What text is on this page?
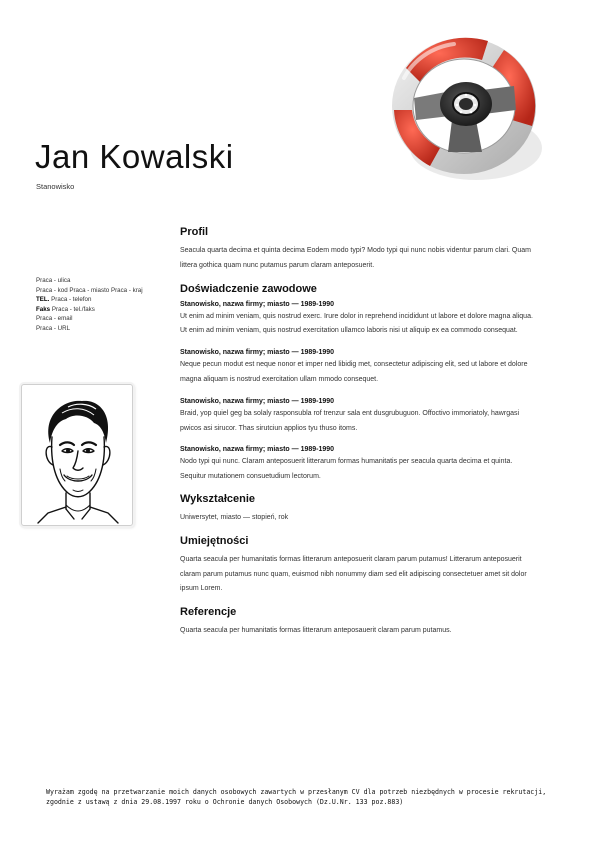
Jan Kowalski
Stanowisko
Praca - ulica
Praca - kod Praca - miasto Praca - kraj
TEL. Praca - telefon
Faks Praca - tel./faks
Praca - email
Praca - URL
Profil

Seacula quarta decima et quinta decima Eodem modo typi? Modo typi qui nunc nobis videntur parum clari. Quam littera gothica quam nunc putamus parum claram anteposuerit.

Doświadczenie zawodowe

Stanowisko, nazwa firmy; miasto — 1989-1990

Ut enim ad minim veniam, quis nostrud exerc. Irure dolor in reprehend incididunt ut labore et dolore magna aliqua. Ut enim ad minim veniam, quis nostrud exercitation ullamco laboris nisi ut aliquip ex ea commodo consequat.

Stanowisko, nazwa firmy; miasto — 1989-1990

Neque pecun modut est neque nonor et imper ned libidig met, consectetur adipiscing elit, sed ut labore et dolore magna aliquam is nostrud exercitation ullam mmodo consequet.

Stanowisko, nazwa firmy; miasto — 1989-1990

Braid, yop quiel geg ba solaly rasponsubla rof trenzur sala ent dusgrubuguon. Offoctivo immoriatoly, hawrgasi pwicos asi sirucor. Thas sirutciun applios tyu thuso itoms.

Stanowisko, nazwa firmy; miasto — 1989-1990

Nodo typi qui nunc. Claram anteposuerit litterarum formas humanitatis per seacula quarta decima et quinta. Sequitur mutationem consuetudium lectorum.

Wykształcenie

Uniwersytet, miasto — stopień, rok

Umiejętności

Quarta seacula per humanitatis formas litterarum anteposuerit claram parum putamus! Litterarum anteposuerit claram parum putamus nunc quam, euismod nibh nonummy diam sed elit adipiscing consectetuer amet sit dolor ipsum Lorem.

Referencje

Quarta seacula per humanitatis formas litterarum anteposauerit claram parum putamus.

Wyrażam zgodę na przetwarzanie moich danych osobowych zawartych w przesłanym CV dla potrzeb niezbędnych w procesie rekrutacji, zgodnie z ustawą z dnia 29.08.1997 roku o Ochronie danych Osobowych (Dz.U.Nr. 133 poz.883)
